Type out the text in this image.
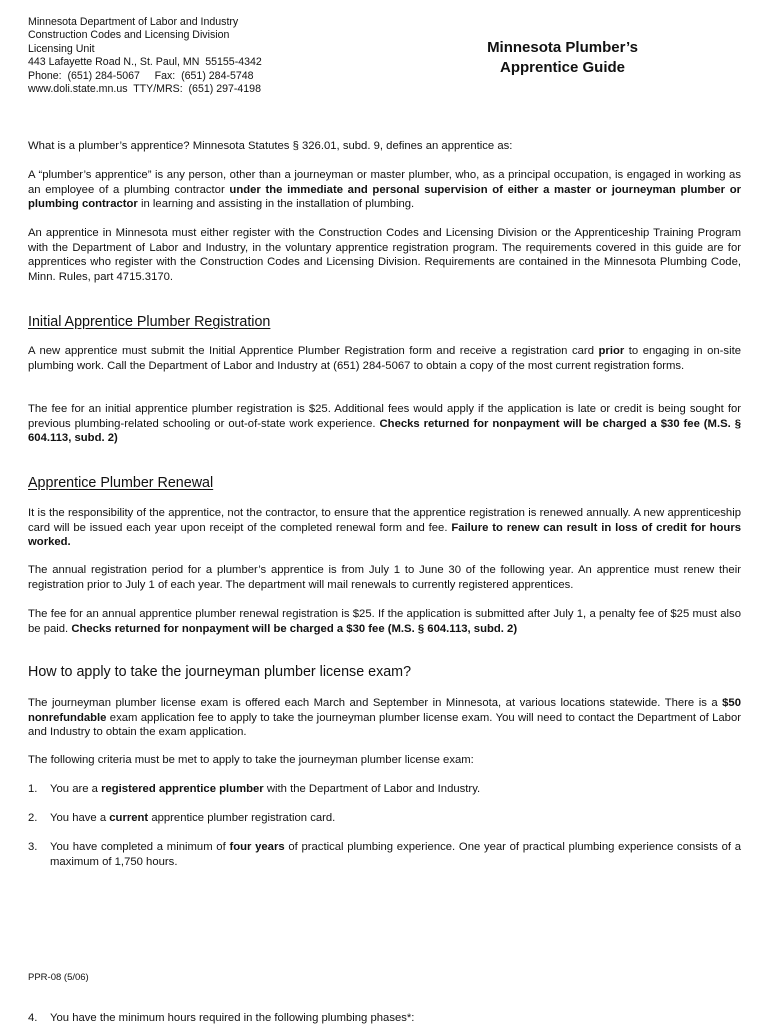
Minnesota Department of Labor and Industry
Construction Codes and Licensing Division
Licensing Unit
443 Lafayette Road N., St. Paul, MN  55155-4342
Phone:  (651) 284-5067     Fax:  (651) 284-5748
www.doli.state.mn.us  TTY/MRS:  (651) 297-4198
Minnesota Plumber’s
Apprentice Guide
What is a plumber’s apprentice? Minnesota Statutes § 326.01, subd. 9, defines an apprentice as:
A “plumber’s apprentice” is any person, other than a journeyman or master plumber, who, as a principal occupation, is engaged in working as an employee of a plumbing contractor under the immediate and personal supervision of either a master or journeyman plumber or plumbing contractor in learning and assisting in the installation of plumbing.
An apprentice in Minnesota must either register with the Construction Codes and Licensing Division or the Apprenticeship Training Program with the Department of Labor and Industry, in the voluntary apprentice registration program. The requirements covered in this guide are for apprentices who register with the Construction Codes and Licensing Division. Requirements are contained in the Minnesota Plumbing Code, Minn. Rules, part 4715.3170.
Initial Apprentice Plumber Registration
A new apprentice must submit the Initial Apprentice Plumber Registration form and receive a registration card prior to engaging in on-site plumbing work. Call the Department of Labor and Industry at (651) 284-5067 to obtain a copy of the most current registration forms.
The fee for an initial apprentice plumber registration is $25. Additional fees would apply if the application is late or credit is being sought for previous plumbing-related schooling or out-of-state work experience. Checks returned for nonpayment will be charged a $30 fee (M.S. § 604.113, subd. 2)
Apprentice Plumber Renewal
It is the responsibility of the apprentice, not the contractor, to ensure that the apprentice registration is renewed annually. A new apprenticeship card will be issued each year upon receipt of the completed renewal form and fee. Failure to renew can result in loss of credit for hours worked.
The annual registration period for a plumber’s apprentice is from July 1 to June 30 of the following year. An apprentice must renew their registration prior to July 1 of each year. The department will mail renewals to currently registered apprentices.
The fee for an annual apprentice plumber renewal registration is $25. If the application is submitted after July 1, a penalty fee of $25 must also be paid. Checks returned for nonpayment will be charged a $30 fee (M.S. § 604.113, subd. 2)
How to apply to take the journeyman plumber license exam?
The journeyman plumber license exam is offered each March and September in Minnesota, at various locations statewide. There is a $50 nonrefundable exam application fee to apply to take the journeyman plumber license exam. You will need to contact the Department of Labor and Industry to obtain the exam application.
The following criteria must be met to apply to take the journeyman plumber license exam:
1. You are a registered apprentice plumber with the Department of Labor and Industry.
2. You have a current apprentice plumber registration card.
3. You have completed a minimum of four years of practical plumbing experience. One year of practical plumbing experience consists of a maximum of 1,750 hours.
PPR-08 (5/06)
4. You have the minimum hours required in the following plumbing phases*:
